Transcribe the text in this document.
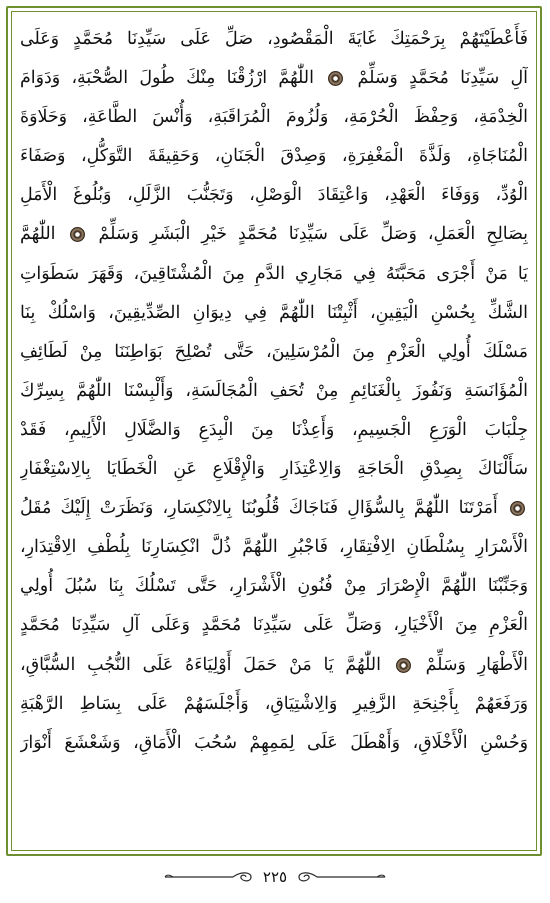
فَأَعْطَيْتَهُمْ بِرَحْمَتِكَ غَايَةَ الْمَقْصُودِ، صَلِّ عَلَى سَيِّدِنَا مُحَمَّدٍ وَعَلَى
آلِ سَيِّدِنَا مُحَمَّدٍ وَسَلِّمْ  اللّٰهُمَّ ارْزُقْنَا مِنْكَ طُولَ الصُّحْبَةِ، وَدَوَامَ
الْخِدْمَةِ، وَحِفْظَ الْحُرْمَةِ، وَلُزُومَ الْمُرَاقَبَةِ، وَأُنْسَ الطَّاعَةِ، وَحَلَاوَةَ
الْمُنَاجَاةِ، وَلَذَّةَ الْمَغْفِرَةِ، وَصِدْقَ الْجَنَانِ، وَحَقِيقَةَ التَّوَكُّلِ، وَصَفَاءَ
الْوُدِّ، وَوَفَاءَ الْعَهْدِ، وَاعْتِقَادَ الْوَصْلِ، وَتَجَنُّبَ الزَّلَلِ، وَبُلُوغَ الْأَمَلِ
بِصَالِحِ الْعَمَلِ، وَصَلِّ عَلَى سَيِّدِنَا مُحَمَّدٍ خَيْرِ الْبَشَرِ وَسَلِّمْ  اللّٰهُمَّ
يَا مَنْ أَجْرَى مَحَبَّتَهُ فِي مَجَارِي الدَّمِ مِنَ الْمُشْتَاقِينَ، وَقَهَرَ سَطَوَاتِ
الشَّكِّ بِحُسْنِ الْيَقِينِ، أَثْبِتْنَا اللّٰهُمَّ فِي دِيوَانِ الصِّدِّيقِينَ، وَاسْلُكْ بِنَا
مَسْلَكَ أُولِي الْعَزْمِ مِنَ الْمُرْسَلِينَ، حَتَّى تُصْلِحَ بَوَاطِنَنَا مِنْ لَطَائِفِ
الْمُؤَانَسَةِ وَنَفُوزَ بِالْغَنَائِمِ مِنْ تُحَفِ الْمُجَالَسَةِ، وَأَلْبِسْنَا اللّٰهُمَّ بِسِرِّكَ
جِلْبَابَ الْوَرَعِ الْجَسِيمِ، وَأَعِذْنَا مِنَ الْبِدَعِ وَالضَّلَالِ الْأَلِيمِ، فَقَدْ
سَأَلْنَاكَ بِصِدْقِ الْحَاجَةِ وَالِاعْتِذَارِ وَالْإِقْلَاعِ عَنِ الْخَطَايَا بِالِاسْتِغْفَارِ
أَمَرْتَنَا اللّٰهُمَّ بِالسُّؤَالِ فَنَاجَاكَ قُلُوبُنَا بِالِانْكِسَارِ، وَنَظَرَتْ إِلَيْكَ مُقَلُ
الْأَسْرَارِ بِسُلْطَانِ الِافْتِقَارِ، فَاجْبُرِ اللّٰهُمَّ ذُلَّ انْكِسَارِنَا بِلُطْفِ الِاقْتِدَارِ،
وَجَنِّبْنَا اللّٰهُمَّ الْإِصْرَارَ مِنْ فُنُونِ الْأَشْرَارِ، حَتَّى تَسْلُكَ بِنَا سُبُلَ أُولِي
الْعَزْمِ مِنَ الْأَخْيَارِ، وَصَلِّ عَلَى سَيِّدِنَا مُحَمَّدٍ وَعَلَى آلِ سَيِّدِنَا مُحَمَّدٍ
الْأَطْهَارِ وَسَلِّمْ  اللّٰهُمَّ يَا مَنْ حَمَلَ أَوْلِيَاءَهُ عَلَى النُّجُبِ السُّبَّاقِ،
وَرَفَعَهُمْ بِأَجْنِحَةِ الزَّفِيرِ وَالِاشْتِيَاقِ، وَأَجْلَسَهُمْ عَلَى بِسَاطِ الرَّهْبَةِ
وَحُسْنِ الْأَخْلَاقِ، وَأَهْطَلَ عَلَى لِمَمِهِمْ سُحُبَ الْأَمَاقِ، وَشَعْشَعَ أَنْوَارَ
٢٢٥
